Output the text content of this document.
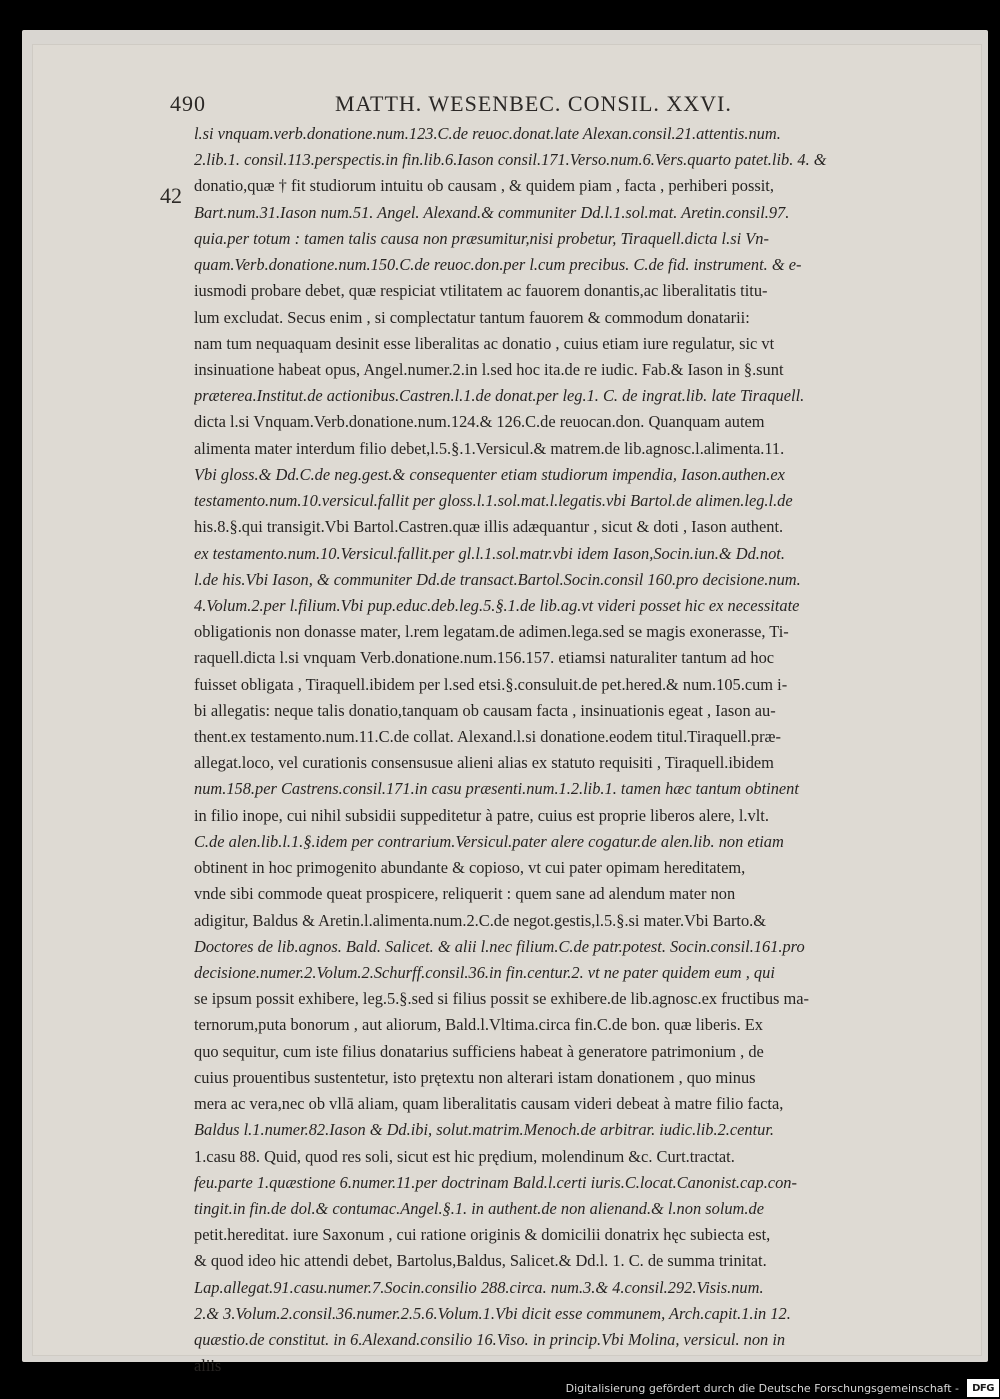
490	MATTH. WESENBEC. CONSIL. XXVI.
42
l.si vnquam.verb.donatione.num.123.C.de reuoc.donat.late Alexan.consil.21.attentis.num.
2.lib.1. consil.113.perspectis.in fin.lib.6.Iason consil.171.Verso.num.6.Vers.quarto patet.lib. 4. &
donatio,quæ † fit studiorum intuitu ob causam , & quidem piam , facta , perhiberi possit,
Bart.num.31.Iason num.51. Angel. Alexand.& communiter Dd.l.1.sol.mat. Aretin.consil.97.
quia.per totum : tamen talis causa non præsumitur,nisi probetur, Tiraquell.dicta l.si Vn-
quam.Verb.donatione.num.150.C.de reuoc.don.per l.cum precibus. C.de fid. instrument. & e-
iusmodi probare debet, quæ respiciat vtilitatem ac fauorem donantis,ac liberalitatis titu-
lum excludat. Secus enim , si complectatur tantum fauorem & commodum donatarii:
nam tum nequaquam desinit esse liberalitas ac donatio , cuius etiam iure regulatur, sic vt
insinuatione habeat opus, Angel.numer.2.in l.sed hoc ita.de re iudic. Fab.& Iason in §.sunt
præterea.Institut.de actionibus.Castren.l.1.de donat.per leg.1. C. de ingrat.lib. late Tiraquell.
dicta l.si Vnquam.Verb.donatione.num.124.& 126.C.de reuocan.don. Quanquam autem
alimenta mater interdum filio debet,l.5.§.1.Versicul.& matrem.de lib.agnosc.l.alimenta.11.
Vbi gloss.& Dd.C.de neg.gest.& consequenter etiam studiorum impendia, Iason.authen.ex
testamento.num.10.versicul.fallit per gloss.l.1.sol.mat.l.legatis.vbi Bartol.de alimen.leg.l.de
his.8.§.qui transigit.Vbi Bartol.Castren.quæ illis adæquantur , sicut & doti , Iason authent.
ex testamento.num.10.Versicul.fallit.per gl.l.1.sol.matr.vbi idem Iason,Socin.iun.& Dd.not.
l.de his.Vbi Iason, & communiter Dd.de transact.Bartol.Socin.consil 160.pro decisione.num.
4.Volum.2.per l.filium.Vbi pup.educ.deb.leg.5.§.1.de lib.ag.vt videri posset hic ex necessitate
obligationis non donasse mater, l.rem legatam.de adimen.lega.sed se magis exonerasse, Ti-
raquell.dicta l.si vnquam Verb.donatione.num.156.157. etiamsi naturaliter tantum ad hoc
fuisset obligata , Tiraquell.ibidem per l.sed etsi.§.consuluit.de pet.hered.& num.105.cum i-
bi allegatis: neque talis donatio,tanquam ob causam facta , insinuationis egeat , Iason au-
thent.ex testamento.num.11.C.de collat. Alexand.l.si donatione.eodem titul.Tiraquell.præ-
allegat.loco, vel curationis consensusue alieni alias ex statuto requisiti , Tiraquell.ibidem
num.158.per Castrens.consil.171.in casu præsenti.num.1.2.lib.1. tamen hæc tantum obtinent
in filio inope, cui nihil subsidii suppeditetur à patre, cuius est proprie liberos alere, l.vlt.
C.de alen.lib.l.1.§.idem per contrarium.Versicul.pater alere cogatur.de alen.lib. non etiam
obtinent in hoc primogenito abundante & copioso, vt cui pater opimam hereditatem,
vnde sibi commode queat prospicere, reliquerit : quem sane ad alendum mater non
adigitur, Baldus & Aretin.l.alimenta.num.2.C.de negot.gestis,l.5.§.si mater.Vbi Barto.&
Doctores de lib.agnos. Bald. Salicet. & alii l.nec filium.C.de patr.potest. Socin.consil.161.pro
decisione.numer.2.Volum.2.Schurff.consil.36.in fin.centur.2. vt ne pater quidem eum , qui
se ipsum possit exhibere, leg.5.§.sed si filius possit se exhibere.de lib.agnosc.ex fructibus ma-
ternorum,puta bonorum , aut aliorum, Bald.l.Vltima.circa fin.C.de bon. quæ liberis. Ex
quo sequitur, cum iste filius donatarius sufficiens habeat à generatore patrimonium , de
cuius prouentibus sustentetur, isto prętextu non alterari istam donationem , quo minus
mera ac vera,nec ob vllā aliam, quam liberalitatis causam videri debeat à matre filio facta,
Baldus l.1.numer.82.Iason & Dd.ibi, solut.matrim.Menoch.de arbitrar. iudic.lib.2.centur.
1.casu 88. Quid, quod res soli, sicut est hic prędium, molendinum &c. Curt.tractat.
feu.parte 1.quæstione 6.numer.11.per doctrinam Bald.l.certi iuris.C.locat.Canonist.cap.con-
tingit.in fin.de dol.& contumac.Angel.§.1. in authent.de non alienand.& l.non solum.de
petit.hereditat. iure Saxonum , cui ratione originis & domicilii donatrix hęc subiecta est,
& quod ideo hic attendi debet, Bartolus,Baldus, Salicet.& Dd.l. 1. C. de summa trinitat.
Lap.allegat.91.casu.numer.7.Socin.consilio 288.circa. num.3.& 4.consil.292.Visis.num.
2.& 3.Volum.2.consil.36.numer.2.5.6.Volum.1.Vbi dicit esse communem, Arch.capit.1.in 12.
quæstio.de constitut. in 6.Alexand.consilio 16.Viso. in princip.Vbi Molina, versicul. non in
aliis
Digitalisierung gefördert durch die Deutsche Forschungsgemeinschaft -	DFG
